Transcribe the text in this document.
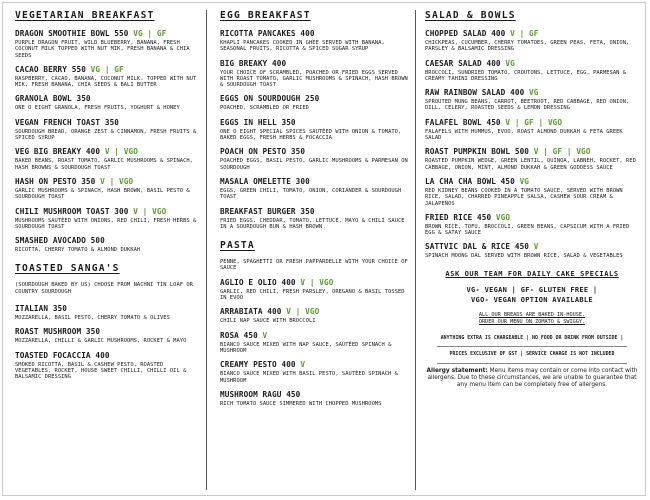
VEGETARIAN BREAKFAST
DRAGON SMOOTHIE BOWL 550 VG | GF
PURPLE DRAGON FRUIT, WILD BLUEBERRY, BANANA, FRESH COCONUT MILK TOPPED WITH NUT MIK, FRESH BANANA & CHIA SEEDS
CACAO BERRY 550 VG | GF
RASPBERRY, CACAO, BANANA, COCONUT MILK. TOPPED WITH NUT MIK, FRESH BANANA, CHIA SEEDS & BALI BUTTER
GRANOLA BOWL 350
ONE O EIGHT GRANOLA, FRESH FRUITS, YOGHURT & HONEY
VEGAN FRENCH TOAST 350
SOURDOUGH BREAD, ORANGE ZEST & CINNAMON, FRESH FRUITS & SPICED SYRUP
VEG BIG BREAKY 400 V | VGO
BAKED BEANS, ROAST TOMATO, GARLIC MUSHROOMS & SPINACH, HASH BROWNS & SOURDOUGH TOAST
HASH ON PESTO 350 V | VGO
GARLIC MUSHROOMS & SPINACH, HASH BROWN, BASIL PESTO & SOURDOUGH TOAST
CHILI MUSHROOM TOAST 300 V | VGO
MUSHROOMS SAUTÉED WITH ONIONS, RED CHILI, FRESH HERBS & SOURDOUGH TOAST
SMASHED AVOCADO 500
RICOTTA, CHERRY TOMATO & ALMOND DUKKAH
TOASTED SANGA'S
(SOURDOUGH BAKED BY US) CHOOSE FROM NACHNI TIN LOAF OR COUNTRY SOURDOUGH
ITALIAN 350
MOZZARELLA, BASIL PESTO, CHERRY TOMATO & OLIVES
ROAST MUSHROOM 350
MOZZARELLA, CHILLI & GARLIC MUSHROOMS, ROCKET & MAYO
TOASTED FOCACCIA 400
SMOKED RICOTTA, BASIL & CASHEW PESTO, ROASTED VEGETABLES, ROCKET, HOUSE SWEET CHILLI, CHILLI OIL & BALSAMIC DRESSING
EGG BREAKFAST
RICOTTA PANCAKES 400
KHAPLI PANCAKES COOKED IN GHEE SERVED WITH BANANA, SEASONAL FRUITS, RICOTTA & SPICED SUGAR SYRUP
BIG BREAKY 400
YOUR CHOICE OF SCRAMBLED, POACHED OR FRIED EGGS SERVED WITH ROAST TOMATO, GARLIC MUSHROOMS & SPINACH, HASH BROWN & SOURDOUGH TOAST
EGGS ON SOURDOUGH 250
POACHED, SCRAMBLED OR FRIED
EGGS IN HELL 350
ONE O EIGHT SPECIAL SPICES SAUTÉED WITH ONION & TOMATO, BAKED EGGS, FRESH HERBS & FOCACCIA
POACH ON PESTO 350
POACHED EGGS, BASIL PESTO, GARLIC MUSHROOMS & PARMESAN ON SOURDOUGH
MASALA OMELETTE 300
EGGS, GREEN CHILI, TOMATO, ONION, CORIANDER & SOURDOUGH TOAST
BREAKFAST BURGER 350
FRIED EGGS, CHEDDAR, TOMATO, LETTUCE, MAYO & CHILI SAUCE IN A SOURDOUGH BUN & HASH BROWN
PASTA
PENNE, SPAGHETTI OR FRESH PAPPARDELLE WITH YOUR CHOICE OF SAUCE
AGLIO E OLIO 400 V | VGO
GARLIC, RED CHILI, FRESH PARSLEY, OREGANO & BASIL TOSSED IN EVOO
ARRABIATA 400 V | VGO
CHILI NAP SAUCE WITH BROCCOLI
ROSA 450 V
BIANCO SAUCE MIXED WITH NAP SAUCE, SAUTÉED SPINACH & MUSHROOM
CREAMY PESTO 400 V
BIANCO SAUCE MIXED WITH BASIL PESTO, SAUTÉED SPINACH & MUSHROOM
MUSHROOM RAGU 450
RICH TOMATO SAUCE SIMMERED WITH CHOPPED MUSHROOMS
SALAD & BOWLS
CHOPPED SALAD 400 V | GF
CHICKPEAS, CUCUMBER, CHERRY TOMATOES, GREEN PEAS, FETA, ONION, PARSLEY & BALSAMIC DRESSING
CAESAR SALAD 400 VG
BROCCOLI, SUNDRIED TOMATO, CROUTONS, LETTUCE, EGG, PARMESAN & CREAMY TAHINI DRESSING
RAW RAINBOW SALAD 400 VG
SPROUTED MUNG BEANS, CARROT, BEETROOT, RED CABBAGE, RED ONION, DILL, CELERY, ROASTED SEEDS & LEMON DRESSING
FALAFEL BOWL 450 V | GF | VGO
FALAFELS WITH HUMMUS, EVOO, ROAST ALMOND DUKKAH & FETA GREEK SALAD
ROAST PUMPKIN BOWL 500 V | GF | VGO
ROASTED PUMPKIN WEDGE, GREEN LENTIL, QUINOA, LABNEH, ROCKET, RED CABBAGE, ONION, MINT, ALMOND DUKKAH & GREEN GODDESS SAUCE
LA CHA CHA BOWL 450 VG
RED KIDNEY BEANS COOKED IN A TOMATO SAUCE, SERVED WITH BROWN RICE, SALAD, CHARRED PINEAPPLE SALSA, CASHEW SOUR CREAM & JALAPEÑOS
FRIED RICE 450 VGO
BROWN RICE, TOFU, BROCCOLI, GREEN BEANS, CAPSICUM WITH A FRIED EGG & SATAY SAUCE
SATTVIC DAL & RICE 450 V
SPINACH MOONG DAL SERVED WITH BROWN RICE, SALAD & VEGETABLES
ASK OUR TEAM FOR DAILY CAKE SPECIALS
VG- VEGAN | GF- GLUTEN FREE |
VGO- VEGAN OPTION AVAILABLE
ALL OUR BREADS ARE BAKED IN-HOUSE.
ORDER OUR MENU ON ZOMATO & SWIGGY.
ANYTHING EXTRA IS CHARGEABLE | NO FOOD OR DRINK FROM OUTSIDE |
PRICES EXCLUSIVE OF GST | SERVICE CHARGE IS NOT INCLUDED
Allergy statement: Menu items may contain or come into contact with allergens. Due to these circumstances, we are unable to guarantee that any menu item can be completely free of allergens.
